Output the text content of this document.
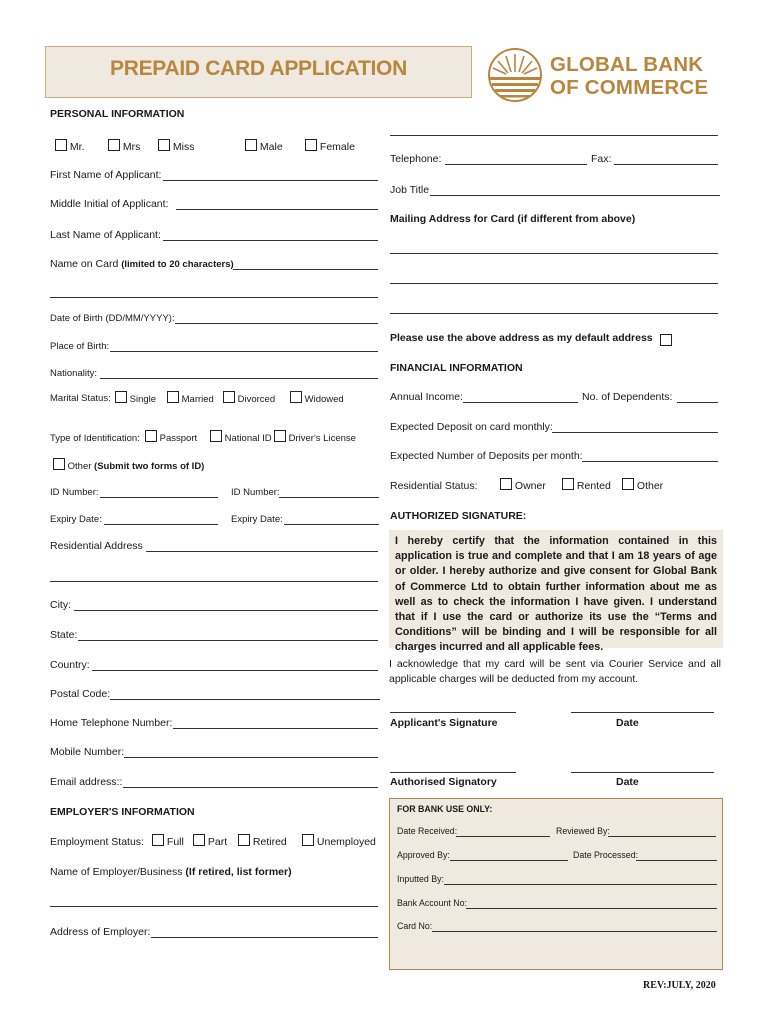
PREPAID CARD APPLICATION	GLOBAL BANK
OF COMMERCE
PERSONAL INFORMATION
Mr.	Mrs	Miss	Male	Female
First Name of Applicant:
Middle Initial of Applicant:
Last Name of Applicant:
Name on Card (limited to 20 characters)
Date of Birth (DD/MM/YYYY):
Place of Birth:
Nationality:
Marital Status:	Single	Married	Divorced	Widowed
Type of Identification:	Passport	National ID	Driver's License
Other (Submit two forms of ID)
ID Number:	ID Number:
Expiry Date:	Expiry Date:
Residential Address
City:
State:
Country:
Postal Code:
Home Telephone Number:
Mobile Number:
Email address::
EMPLOYER'S INFORMATION
Employment Status:	Full	Part	Retired	Unemployed
Name of Employer/Business (If retired, list former)
Address of Employer:
Telephone:	Fax:
Job Title
Mailing Address for Card (if different from above)
Please use the above address as my default address
FINANCIAL INFORMATION
Annual Income:	No. of Dependents:
Expected Deposit on card monthly:
Expected Number of Deposits per month:
Residential Status:	Owner	Rented	Other
AUTHORIZED SIGNATURE:
I hereby certify that the information contained in this application is true and complete and that I am 18 years of age or older. I hereby authorize and give consent for Global Bank of Commerce Ltd to obtain further information about me as well as to check the information I have given. I understand that if I use the card or authorize its use the “Terms and Conditions” will be binding and I will be responsible for all charges incurred and all applicable fees.
I acknowledge that my card will be sent via Courier Service and all applicable charges will be deducted from my account.
Applicant's Signature	Date
Authorised Signatory	Date
FOR BANK USE ONLY:
Date Received:	Reviewed By:
Approved By:	Date Processed:
Inputted By:
Bank Account No:
Card No:
REV:JULY, 2020
